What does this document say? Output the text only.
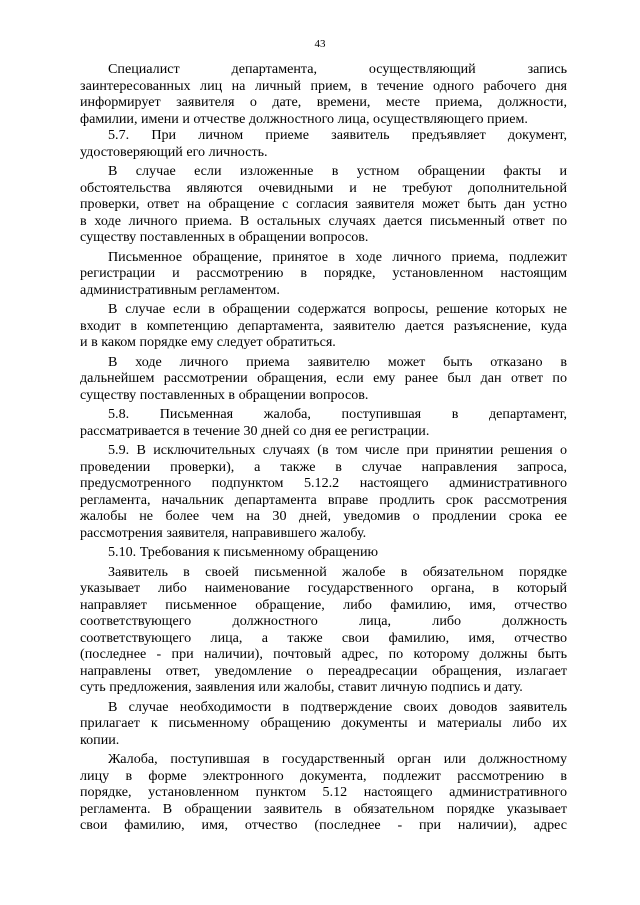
43
Специалист департамента, осуществляющий запись
заинтересованных лиц на личный прием, в течение одного рабочего дня
информирует заявителя о дате, времени, месте приема, должности,
фамилии, имени и отчестве должностного лица, осуществляющего прием.
5.7. При личном приеме заявитель предъявляет документ,
удостоверяющий его личность.
В случае если изложенные в устном обращении факты и
обстоятельства являются очевидными и не требуют дополнительной
проверки, ответ на обращение с согласия заявителя может быть дан устно
в ходе личного приема. В остальных случаях дается письменный ответ по
существу поставленных в обращении вопросов.
Письменное обращение, принятое в ходе личного приема, подлежит
регистрации и рассмотрению в порядке, установленном настоящим
административным регламентом.
В случае если в обращении содержатся вопросы, решение которых не
входит в компетенцию департамента, заявителю дается разъяснение, куда
и в каком порядке ему следует обратиться.
В ходе личного приема заявителю может быть отказано в
дальнейшем рассмотрении обращения, если ему ранее был дан ответ по
существу поставленных в обращении вопросов.
5.8. Письменная жалоба, поступившая в департамент,
рассматривается в течение 30 дней со дня ее регистрации.
5.9. В исключительных случаях (в том числе при принятии решения о
проведении проверки), а также в случае направления запроса,
предусмотренного подпунктом 5.12.2 настоящего административного
регламента, начальник департамента вправе продлить срок рассмотрения
жалобы не более чем на 30 дней, уведомив о продлении срока ее
рассмотрения заявителя, направившего жалобу.
5.10. Требования к письменному обращению
Заявитель в своей письменной жалобе в обязательном порядке
указывает либо наименование государственного органа, в который
направляет письменное обращение, либо фамилию, имя, отчество
соответствующего должностного лица, либо должность
соответствующего лица, а также свои фамилию, имя, отчество
(последнее - при наличии), почтовый адрес, по которому должны быть
направлены ответ, уведомление о переадресации обращения, излагает
суть предложения, заявления или жалобы, ставит личную подпись и дату.
В случае необходимости в подтверждение своих доводов заявитель
прилагает к письменному обращению документы и материалы либо их
копии.
Жалоба, поступившая в государственный орган или должностному
лицу в форме электронного документа, подлежит рассмотрению в
порядке, установленном пунктом 5.12 настоящего административного
регламента. В обращении заявитель в обязательном порядке указывает
свои фамилию, имя, отчество (последнее - при наличии), адрес
